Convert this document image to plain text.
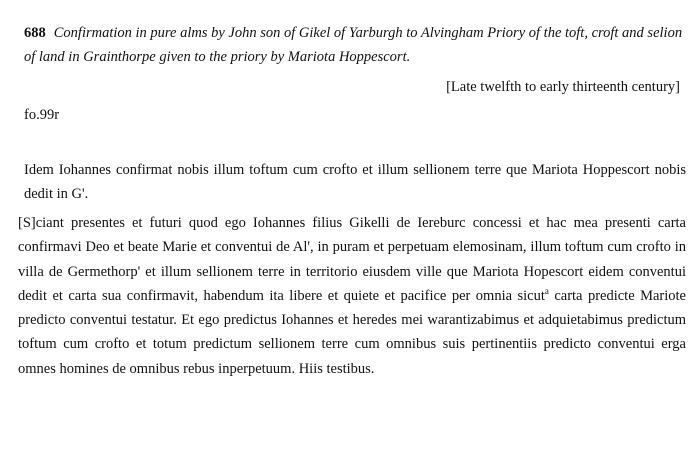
688 Confirmation in pure alms by John son of Gikel of Yarburgh to Alvingham Priory of the toft, croft and selion of land in Grainthorpe given to the priory by Mariota Hoppescort.
[Late twelfth to early thirteenth century]
fo.99r

Idem Iohannes confirmat nobis illum toftum cum crofto et illum sellionem terre que Mariota Hoppescort nobis dedit in G'.

[S]ciant presentes et futuri quod ego Iohannes filius Gikelli de Iereburc concessi et hac mea presenti carta confirmavi Deo et beate Marie et conventui de Al', in puram et perpetuam elemosinam, illum toftum cum crofto in villa de Germethorp' et illum sellionem terre in territorio eiusdem ville que Mariota Hopescort eidem conventui dedit et carta sua confirmavit, habendum ita libere et quiete et pacifice per omnia sicut$^a$ carta predicte Mariote predicto conventui testatur. Et ego predictus Iohannes et heredes mei warantizabimus et adquietabimus predictum toftum cum crofto et totum predictum sellionem terre cum omnibus suis pertinentiis predicto conventui erga omnes homines de omnibus rebus inperpetuum. Hiis testibus.
